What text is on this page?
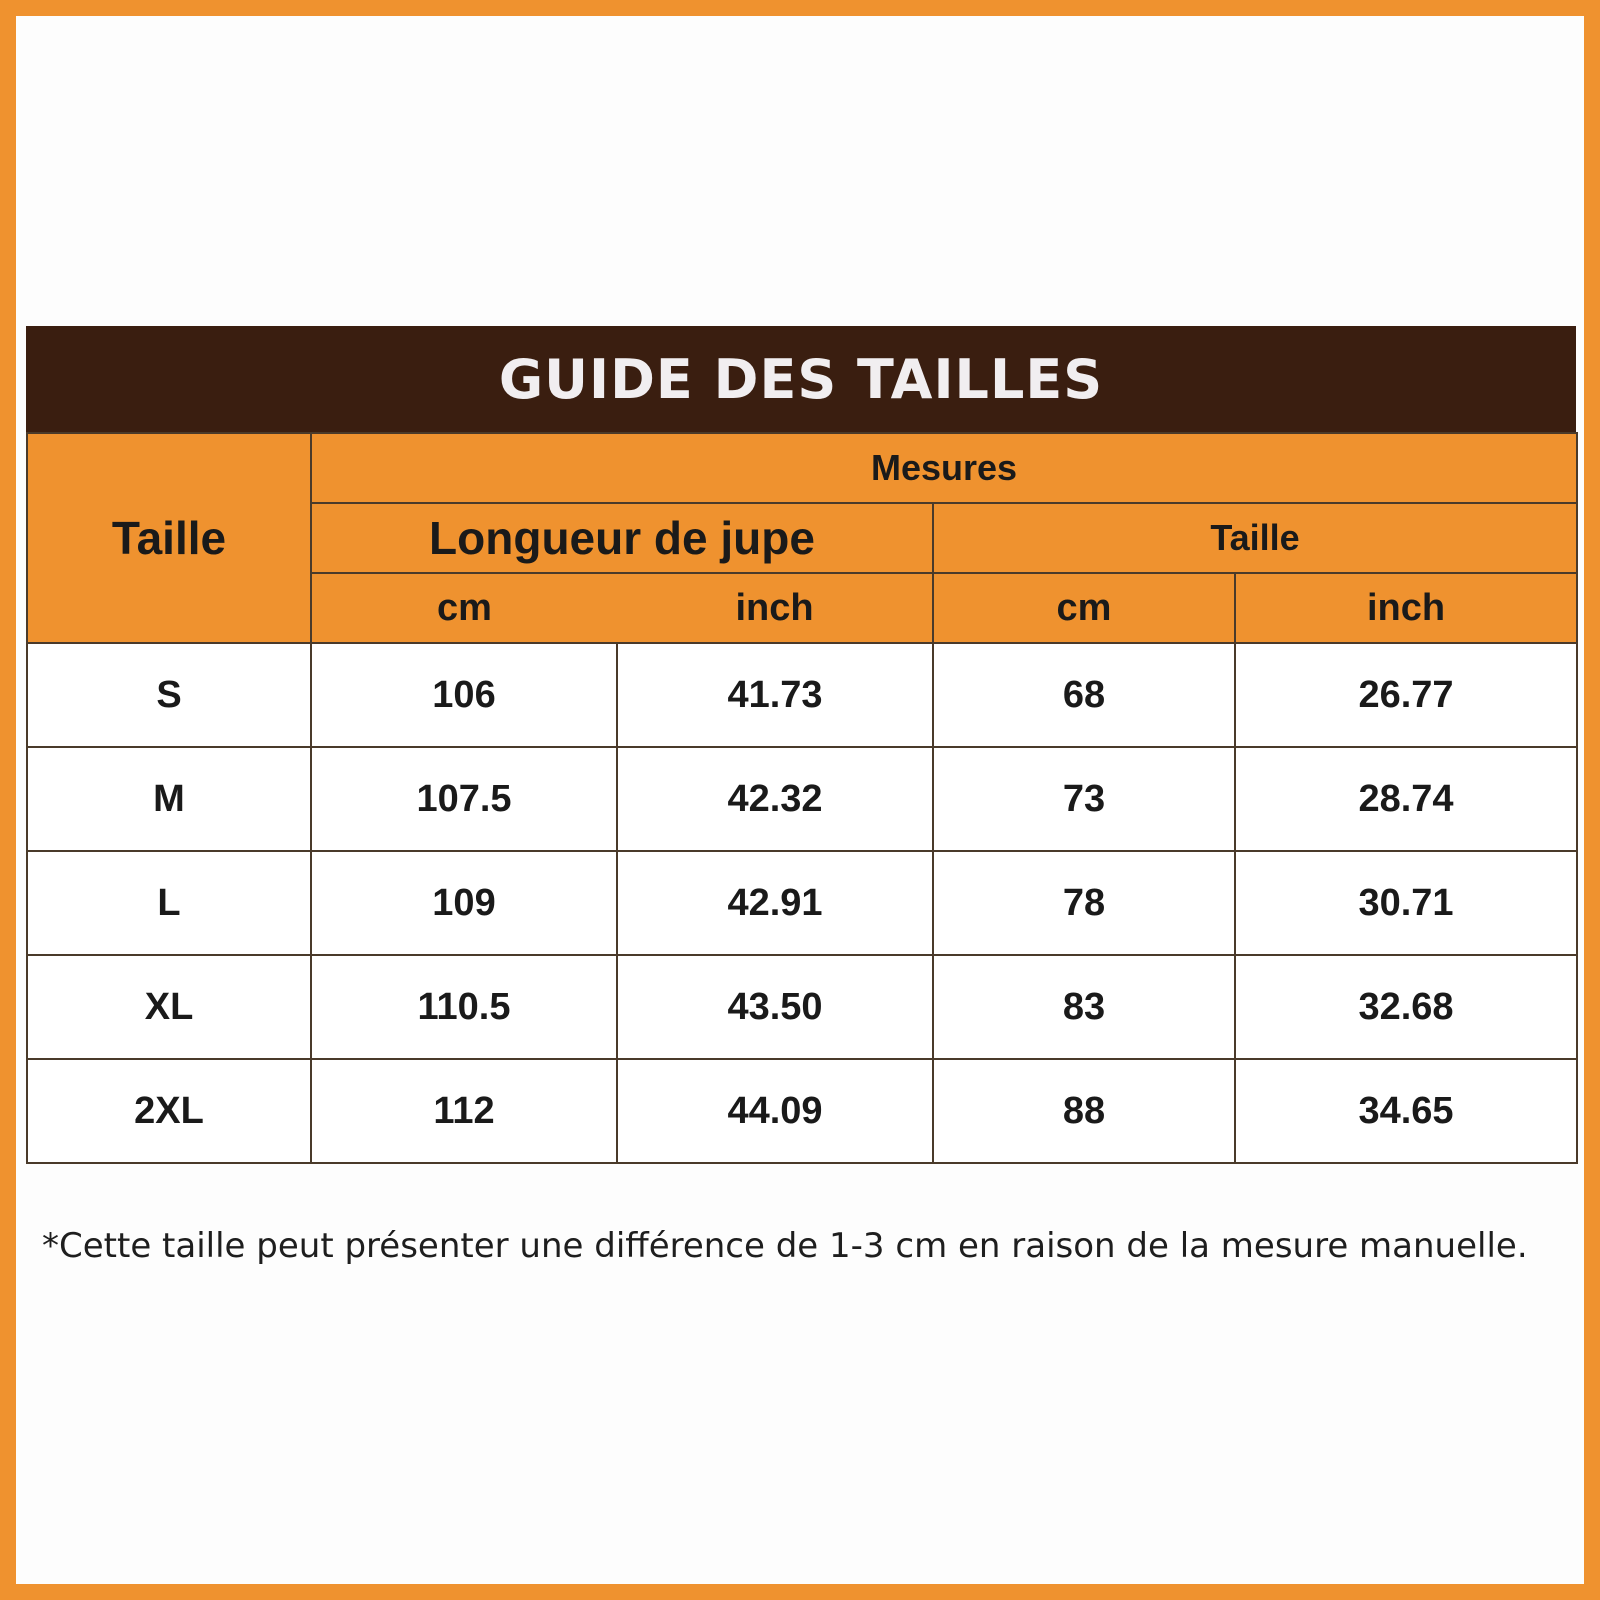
GUIDE DES TAILLES
Taille	Mesures			
	Longueur de jupe		Taille	
	cm	inch	cm	inch
S	106	41.73	68	26.77
M	107.5	42.32	73	28.74
L	109	42.91	78	30.71
XL	110.5	43.50	83	32.68
2XL	112	44.09	88	34.65
*Cette taille peut présenter une différence de 1-3 cm en raison de la mesure manuelle.
